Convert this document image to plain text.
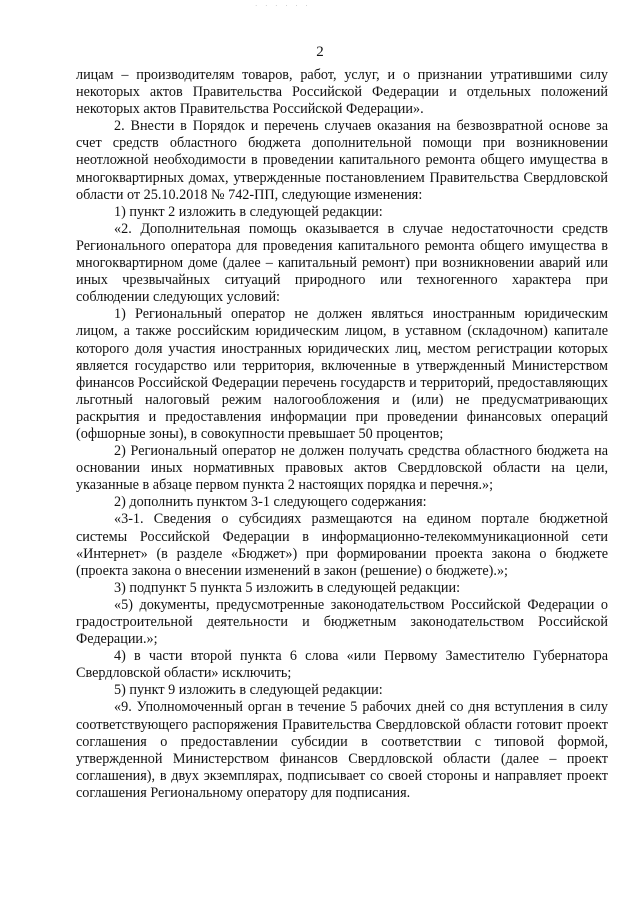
· · · · · ·
2

лицам – производителям товаров, работ, услуг, и о признании утратившими силу некоторых актов Правительства Российской Федерации и отдельных положений некоторых актов Правительства Российской Федерации».

2. Внести в Порядок и перечень случаев оказания на безвозвратной основе за счет средств областного бюджета дополнительной помощи при возникновении неотложной необходимости в проведении капитального ремонта общего имущества в многоквартирных домах, утвержденные постановлением Правительства Свердловской области от 25.10.2018 № 742-ПП, следующие изменения:

1) пункт 2 изложить в следующей редакции:

«2. Дополнительная помощь оказывается в случае недостаточности средств Регионального оператора для проведения капитального ремонта общего имущества в многоквартирном доме (далее – капитальный ремонт) при возникновении аварий или иных чрезвычайных ситуаций природного или техногенного характера при соблюдении следующих условий:

1) Региональный оператор не должен являться иностранным юридическим лицом, а также российским юридическим лицом, в уставном (складочном) капитале которого доля участия иностранных юридических лиц, местом регистрации которых является государство или территория, включенные в утвержденный Министерством финансов Российской Федерации перечень государств и территорий, предоставляющих льготный налоговый режим налогообложения и (или) не предусматривающих раскрытия и предоставления информации при проведении финансовых операций (офшорные зоны), в совокупности превышает 50 процентов;

2) Региональный оператор не должен получать средства областного бюджета на основании иных нормативных правовых актов Свердловской области на цели, указанные в абзаце первом пункта 2 настоящих порядка и перечня.»;

2) дополнить пунктом 3-1 следующего содержания:

«3-1. Сведения о субсидиях размещаются на едином портале бюджетной системы Российской Федерации в информационно-телекоммуникационной сети «Интернет» (в разделе «Бюджет») при формировании проекта закона о бюджете (проекта закона о внесении изменений в закон (решение) о бюджете).»;

3) подпункт 5 пункта 5 изложить в следующей редакции:

«5) документы, предусмотренные законодательством Российской Федерации о градостроительной деятельности и бюджетным законодательством Российской Федерации.»;

4) в части второй пункта 6 слова «или Первому Заместителю Губернатора Свердловской области» исключить;

5) пункт 9 изложить в следующей редакции:

«9. Уполномоченный орган в течение 5 рабочих дней со дня вступления в силу соответствующего распоряжения Правительства Свердловской области готовит проект соглашения о предоставлении субсидии в соответствии с типовой формой, утвержденной Министерством финансов Свердловской области (далее – проект соглашения), в двух экземплярах, подписывает со своей стороны и направляет проект соглашения Региональному оператору для подписания.
